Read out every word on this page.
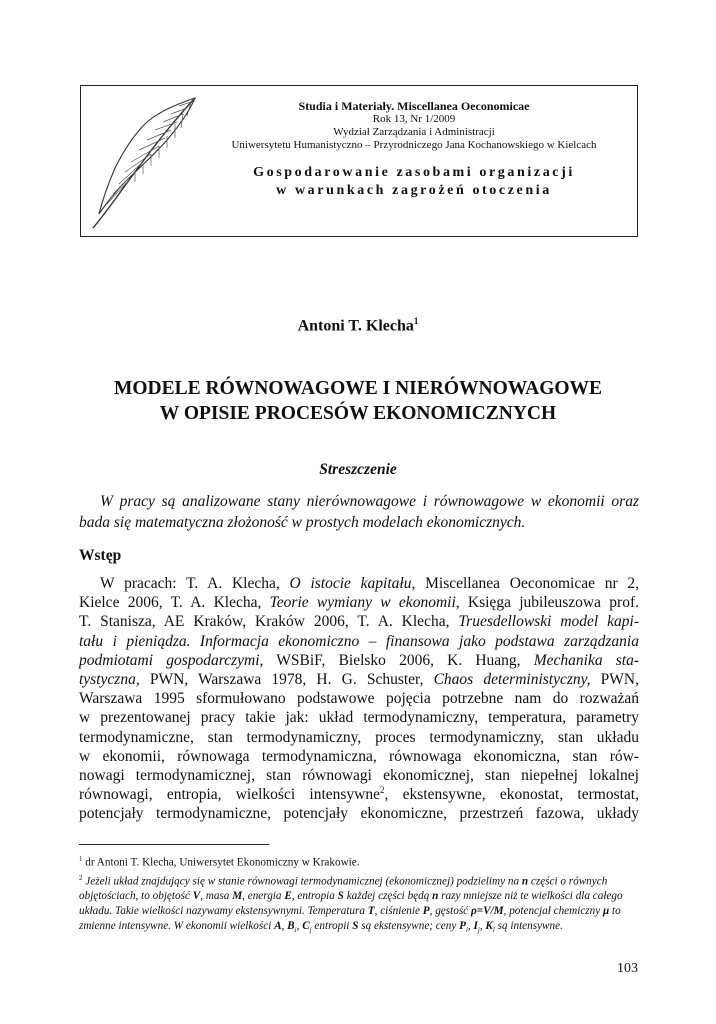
Studia i Materiały. Miscellanea Oeconomicae
Rok 13, Nr 1/2009
Wydział Zarządzania i Administracji
Uniwersytetu Humanistyczno – Przyrodniczego Jana Kochanowskiego w Kielcach
Gospodarowanie zasobami organizacji
w warunkach zagrożeń otoczenia
Antoni T. Klecha$^1$
MODELE RÓWNOWAGOWE I NIERÓWNOWAGOWE
W OPISIE PROCESÓW EKONOMICZNYCH
Streszczenie
W pracy są analizowane stany nierównowagowe i równowagowe w ekonomii oraz bada się matematyczna złożoność w prostych modelach ekonomicznych.
Wstęp
W pracach: T. A. Klecha, O istocie kapitału, Miscellanea Oeconomicae nr 2,
Kielce 2006, T. A. Klecha, Teorie wymiany w ekonomii, Księga jubileuszowa prof.
T. Stanisza, AE Kraków, Kraków 2006, T. A. Klecha, Truesdellowski model kapi-
tału i pieniądza. Informacja ekonomiczno – finansowa jako podstawa zarządzania
podmiotami gospodarczymi, WSBiF, Bielsko 2006, K. Huang, Mechanika sta-
tystyczna, PWN, Warszawa 1978, H. G. Schuster, Chaos deterministyczny, PWN,
Warszawa 1995 sformułowano podstawowe pojęcia potrzebne nam do rozważań
w prezentowanej pracy takie jak: układ termodynamiczny, temperatura, parametry
termodynamiczne, stan termodynamiczny, proces termodynamiczny, stan układu
w ekonomii, równowaga termodynamiczna, równowaga ekonomiczna, stan rów-
nowagi termodynamicznej, stan równowagi ekonomicznej, stan niepełnej lokalnej
równowagi, entropia, wielkości intensywne$^2$, ekstensywne, ekonostat, termostat,
potencjały termodynamiczne, potencjały ekonomiczne, przestrzeń fazowa, układy
$^1$ dr Antoni T. Klecha, Uniwersytet Ekonomiczny w Krakowie.
$^2$ Jeżeli układ znajdujący się w stanie równowagi termodynamicznej (ekonomicznej) podzielimy na n części o równych objętościach, to objętość V, masa M, energia E, entropia S każdej części będą n razy mniejsze niż te wielkości dla całego układu. Takie wielkości nazywamy ekstensywnymi. Temperatura T, ciśnienie P, gęstość ρ=V/M, potencjał chemiczny μ to zmienne intensywne. W ekonomii wielkości A, $B_i$, $C_j$ entropii S są ekstensywne; ceny $P_i$, $I_j$, $K_l$ są intensywne.
103
